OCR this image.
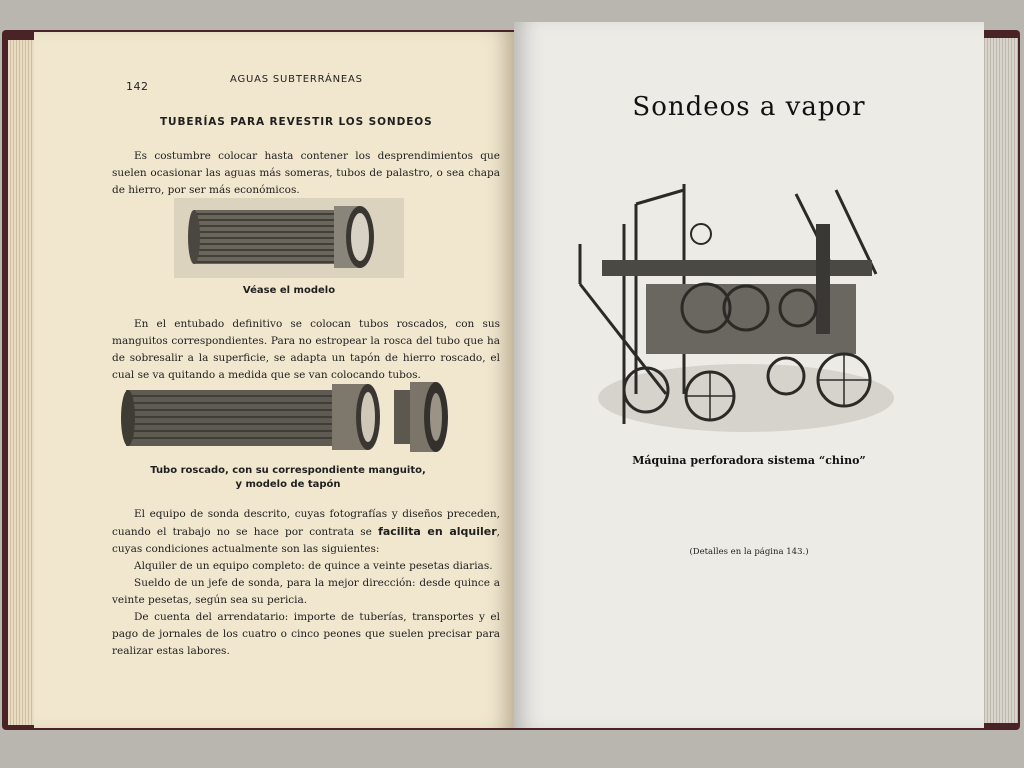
142
AGUAS SUBTERRÁNEAS
TUBERÍAS PARA REVESTIR LOS SONDEOS

Es costumbre colocar hasta contener los desprendimientos que suelen ocasionar las aguas más someras, tubos de palastro, o sea chapa de hierro, por ser más económicos.

Véase el modelo

En el entubado definitivo se colocan tubos roscados, con sus manguitos correspondientes. Para no estropear la rosca del tubo que ha de sobresalir a la superficie, se adapta un tapón de hierro roscado, el cual se va quitando a medida que se van colocando tubos.

Tubo roscado, con su correspondiente manguito,
y modelo de tapón

El equipo de sonda descrito, cuyas fotografías y diseños preceden, cuando el trabajo no se hace por contrata se facilita en alquiler, cuyas condiciones actualmente son las siguientes:

Alquiler de un equipo completo: de quince a veinte pesetas diarias.

Sueldo de un jefe de sonda, para la mejor dirección: desde quince a veinte pesetas, según sea su pericia.

De cuenta del arrendatario: importe de tuberías, transportes y el pago de jornales de los cuatro o cinco peones que suelen precisar para realizar estas labores.

Sondeos a vapor
Máquina perforadora sistema “chino”
(Detalles en la página 143.)
